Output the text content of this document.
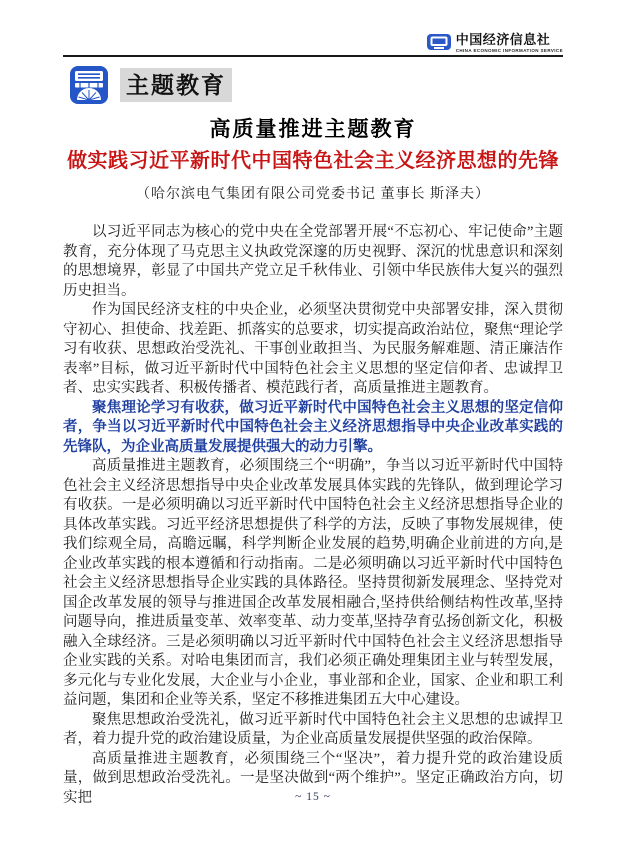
中国经济信息社
CHINA ECONOMIC INFORMATION SERVICE
主题教育
高质量推进主题教育
做实践习近平新时代中国特色社会主义经济思想的先锋
（哈尔滨电气集团有限公司党委书记 董事长 斯泽夫）

以习近平同志为核心的党中央在全党部署开展“不忘初心、牢记使命”主题教育，充分体现了马克思主义执政党深邃的历史视野、深沉的忧患意识和深刻的思想境界，彰显了中国共产党立足千秋伟业、引领中华民族伟大复兴的强烈历史担当。

作为国民经济支柱的中央企业，必须坚决贯彻党中央部署安排，深入贯彻守初心、担使命、找差距、抓落实的总要求，切实提高政治站位，聚焦“理论学习有收获、思想政治受洗礼、干事创业敢担当、为民服务解难题、清正廉洁作表率”目标，做习近平新时代中国特色社会主义思想的坚定信仰者、忠诚捍卫者、忠实实践者、积极传播者、模范践行者，高质量推进主题教育。

聚焦理论学习有收获，做习近平新时代中国特色社会主义思想的坚定信仰者，争当以习近平新时代中国特色社会主义经济思想指导中央企业改革实践的先锋队，为企业高质量发展提供强大的动力引擎。

高质量推进主题教育，必须围绕三个“明确”，争当以习近平新时代中国特色社会主义经济思想指导中央企业改革发展具体实践的先锋队，做到理论学习有收获。一是必须明确以习近平新时代中国特色社会主义经济思想指导企业的具体改革实践。习近平经济思想提供了科学的方法，反映了事物发展规律，使我们综观全局，高瞻远瞩，科学判断企业发展的趋势,明确企业前进的方向,是企业改革实践的根本遵循和行动指南。二是必须明确以习近平新时代中国特色社会主义经济思想指导企业实践的具体路径。坚持贯彻新发展理念、坚持党对国企改革发展的领导与推进国企改革发展相融合,坚持供给侧结构性改革,坚持问题导向，推进质量变革、效率变革、动力变革,坚持孕育弘扬创新文化，积极融入全球经济。三是必须明确以习近平新时代中国特色社会主义经济思想指导企业实践的关系。对哈电集团而言，我们必须正确处理集团主业与转型发展，多元化与专业化发展，大企业与小企业，事业部和企业，国家、企业和职工利益问题，集团和企业等关系，坚定不移推进集团五大中心建设。

聚焦思想政治受洗礼，做习近平新时代中国特色社会主义思想的忠诚捍卫者，着力提升党的政治建设质量，为企业高质量发展提供坚强的政治保障。

高质量推进主题教育，必须围绕三个“坚决”，着力提升党的政治建设质量，做到思想政治受洗礼。一是坚决做到“两个维护”。坚定正确政治方向，切实把	~ 15 ~
